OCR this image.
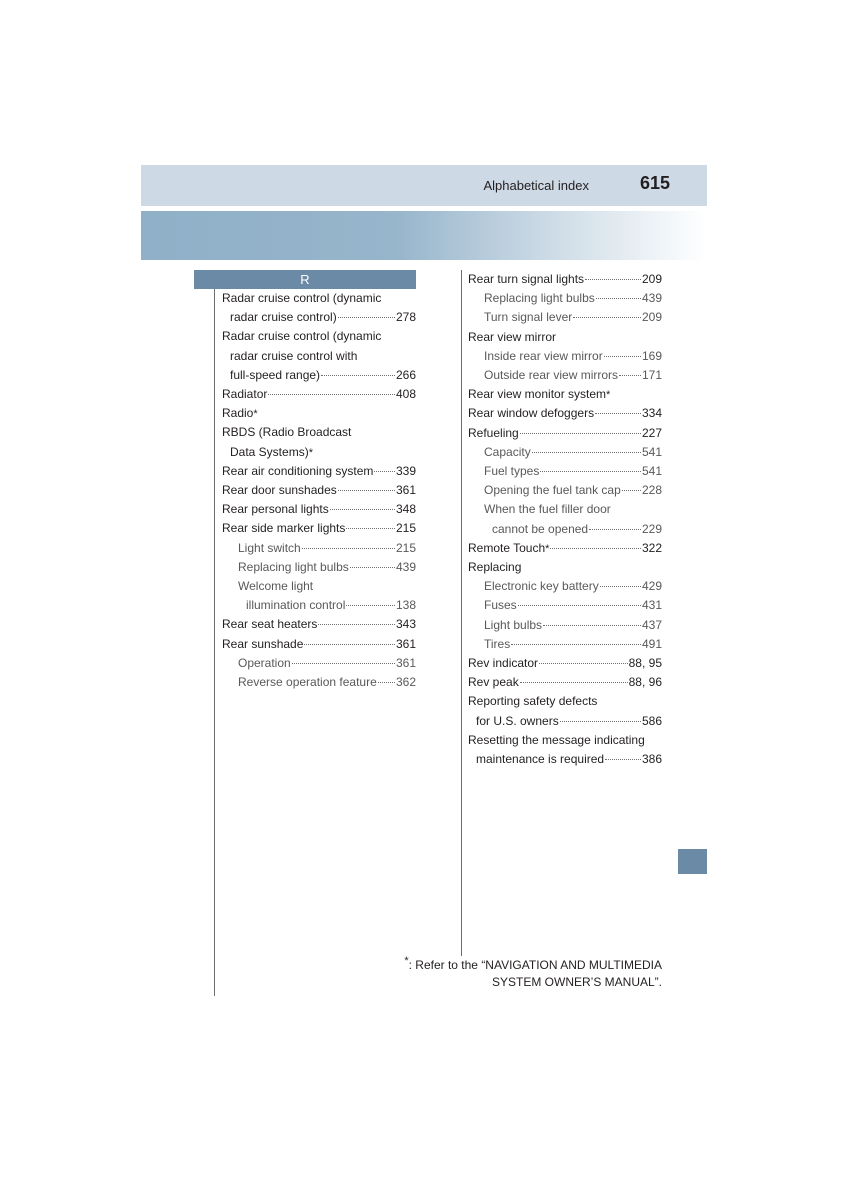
Alphabetical index	615
R
Radar cruise control (dynamic
radar cruise control)	278
Radar cruise control (dynamic
radar cruise control with
full-speed range)	266
Radiator	408
Radio *
RBDS (Radio Broadcast
Data Systems) *
Rear air conditioning system 339
Rear door sunshades	361
Rear personal lights	348
Rear side marker lights	215
Light switch	215
Replacing light bulbs	439
Welcome light
illumination control	138
Rear seat heaters	343
Rear sunshade	361
Operation	361
Reverse operation feature 362
Rear turn signal lights	209
Replacing light bulbs	439
Turn signal lever	209
Rear view mirror
Inside rear view mirror	169
Outside rear view mirrors 171
Rear view monitor system *
Rear window defoggers	334
Refueling	227
Capacity	541
Fuel types	541
Opening the fuel tank cap 228
When the fuel filler door
cannot be opened	229
Remote Touch *	322
Replacing
Electronic key battery	429
Fuses	431
Light bulbs	437
Tires	491
Rev indicator	88, 95
Rev peak	88, 96
Reporting safety defects
for U.S. owners	586
Resetting the message indicating
maintenance is required	386
*: Refer to the “NAVIGATION AND MULTIMEDIA
SYSTEM OWNER’S MANUAL”.
